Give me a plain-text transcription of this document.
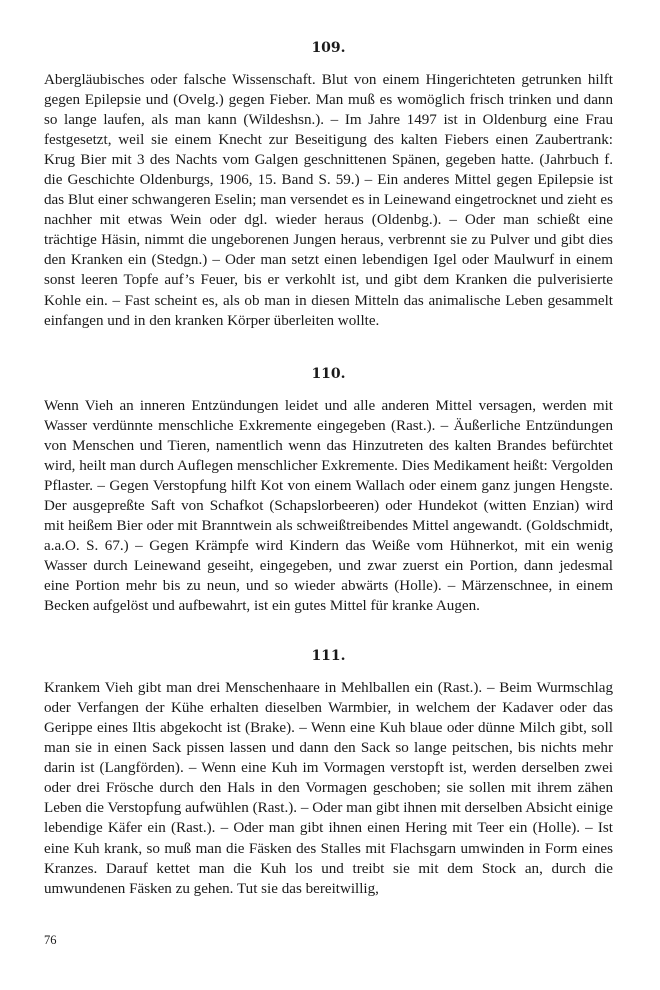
109.

Abergläubisches oder falsche Wissenschaft. Blut von einem Hingerichteten getrunken hilft gegen Epilepsie und (Ovelg.) gegen Fieber. Man muß es womöglich frisch trinken und dann so lange laufen, als man kann (Wildeshsn.). – Im Jahre 1497 ist in Oldenburg eine Frau festgesetzt, weil sie einem Knecht zur Beseitigung des kalten Fiebers einen Zaubertrank: Krug Bier mit 3 des Nachts vom Galgen geschnittenen Spänen, gegeben hatte. (Jahrbuch f. die Geschichte Oldenburgs, 1906, 15. Band S. 59.) – Ein anderes Mittel gegen Epilepsie ist das Blut einer schwangeren Eselin; man versendet es in Leinewand eingetrocknet und zieht es nachher mit etwas Wein oder dgl. wieder heraus (Oldenbg.). – Oder man schießt eine trächtige Häsin, nimmt die ungeborenen Jungen heraus, verbrennt sie zu Pulver und gibt dies den Kranken ein (Stedgn.) – Oder man setzt einen lebendigen Igel oder Maulwurf in einem sonst leeren Topfe auf’s Feuer, bis er verkohlt ist, und gibt dem Kranken die pulverisierte Kohle ein. – Fast scheint es, als ob man in diesen Mitteln das animalische Leben gesammelt einfangen und in den kranken Körper überleiten wollte.

110.

Wenn Vieh an inneren Entzündungen leidet und alle anderen Mittel versagen, werden mit Wasser verdünnte menschliche Exkremente eingegeben (Rast.). – Äußerliche Entzündungen von Menschen und Tieren, namentlich wenn das Hinzutreten des kalten Brandes befürchtet wird, heilt man durch Auflegen menschlicher Exkremente. Dies Medikament heißt: Vergolden Pflaster. – Gegen Verstopfung hilft Kot von einem Wallach oder einem ganz jungen Hengste. Der ausgepreßte Saft von Schafkot (Schapslorbeeren) oder Hundekot (witten Enzian) wird mit heißem Bier oder mit Branntwein als schweißtreibendes Mittel angewandt. (Goldschmidt, a.a.O. S. 67.) – Gegen Krämpfe wird Kindern das Weiße vom Hühnerkot, mit ein wenig Wasser durch Leinewand geseiht, eingegeben, und zwar zuerst ein Portion, dann jedesmal eine Portion mehr bis zu neun, und so wieder abwärts (Holle). – Märzenschnee, in einem Becken aufgelöst und aufbewahrt, ist ein gutes Mittel für kranke Augen.

111.

Krankem Vieh gibt man drei Menschenhaare in Mehlballen ein (Rast.). – Beim Wurmschlag oder Verfangen der Kühe erhalten dieselben Warmbier, in welchem der Kadaver oder das Gerippe eines Iltis abgekocht ist (Brake). – Wenn eine Kuh blaue oder dünne Milch gibt, soll man sie in einen Sack pissen lassen und dann den Sack so lange peitschen, bis nichts mehr darin ist (Langförden). – Wenn eine Kuh im Vormagen verstopft ist, werden derselben zwei oder drei Frösche durch den Hals in den Vormagen geschoben; sie sollen mit ihrem zähen Leben die Verstopfung aufwühlen (Rast.). – Oder man gibt ihnen mit derselben Absicht einige lebendige Käfer ein (Rast.). – Oder man gibt ihnen einen Hering mit Teer ein (Holle). – Ist eine Kuh krank, so muß man die Fäsken des Stalles mit Flachsgarn umwinden in Form eines Kranzes. Darauf kettet man die Kuh los und treibt sie mit dem Stock an, durch die umwundenen Fäsken zu gehen. Tut sie das bereitwillig,

76
